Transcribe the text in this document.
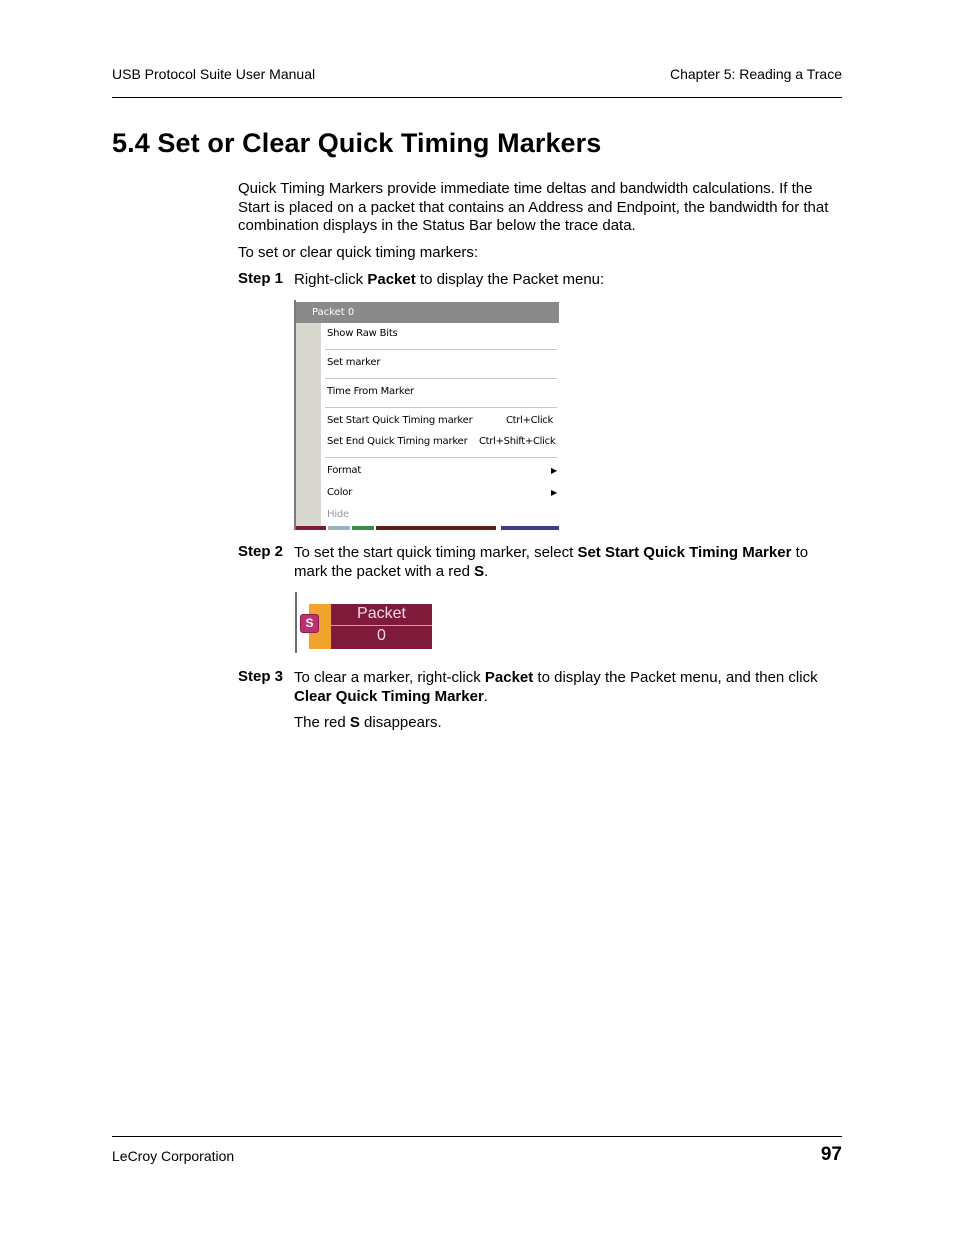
USB Protocol Suite User Manual	Chapter 5: Reading a Trace
5.4 Set or Clear Quick Timing Markers

Quick Timing Markers provide immediate time deltas and bandwidth calculations. If the Start is placed on a packet that contains an Address and Endpoint, the bandwidth for that combination displays in the Status Bar below the trace data.

To set or clear quick timing markers:

Step 1 Right-click Packet to display the Packet menu:

Packet 0
Show Raw Bits
Set marker
Time From Marker
Set Start Quick Timing marker	Ctrl+Click
Set End Quick Timing marker Ctrl+Shift+Click
Format	▶
Color	▶
Hide
Step 2 To set the start quick timing marker, select Set Start Quick Timing Marker to mark the packet with a red S.

Packet
0
S
Step 3 To clear a marker, right-click Packet to display the Packet menu, and then click Clear Quick Timing Marker.

The red S disappears.

LeCroy Corporation	97
